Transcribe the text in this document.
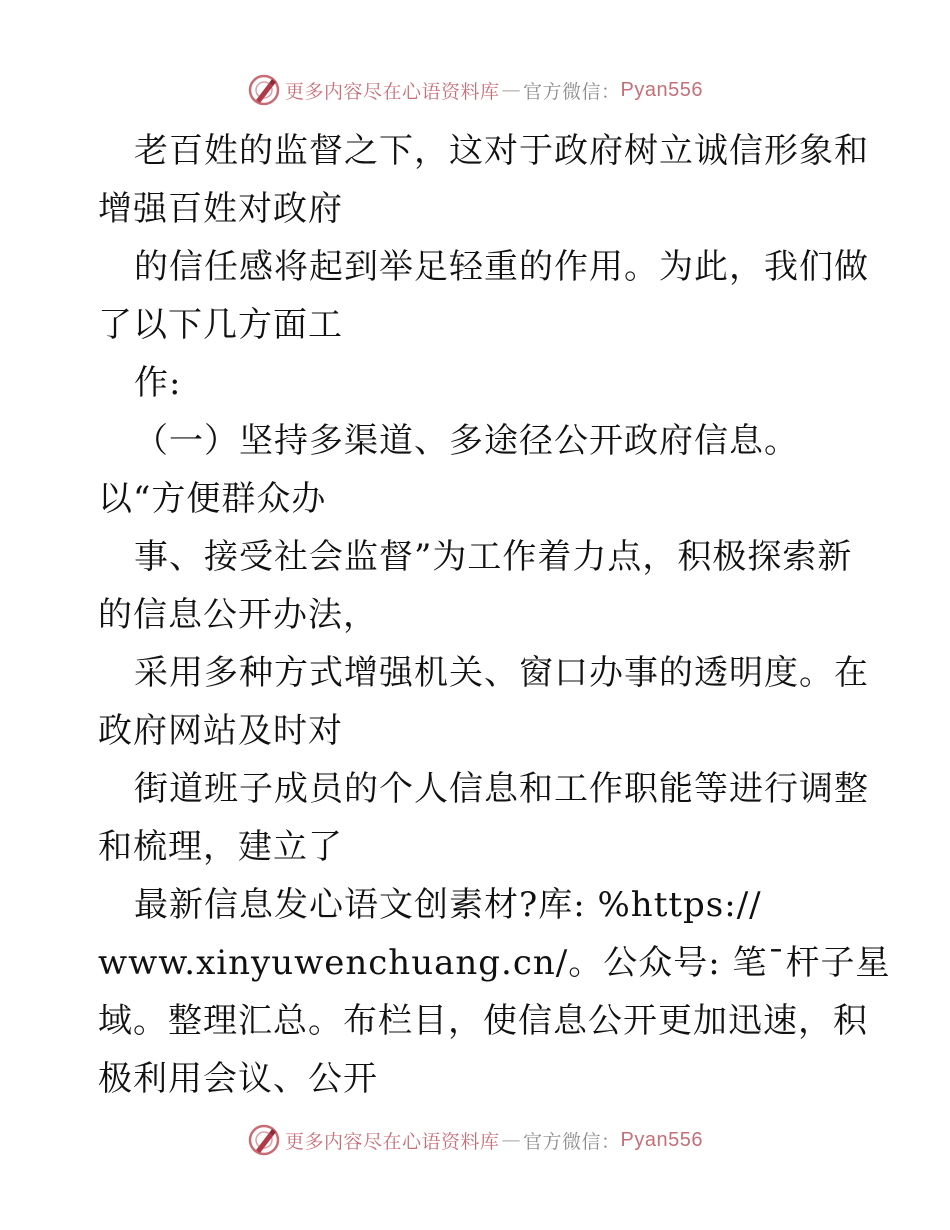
更多内容尽在心语资料库 — 官方微信： Pyan556
老百姓的监督之下，这对于政府树立诚信形象和
增强百姓对政府
的信任感将起到举足轻重的作用。为此，我们做
了以下几方面工
作:
（一）坚持多渠道、多途径公开政府信息。
以“方便群众办
事、接受社会监督”为工作着力点，积极探索新
的信息公开办法，
采用多种方式增强机关、窗口办事的透明度。在
政府网站及时对
街道班子成员的个人信息和工作职能等进行调整
和梳理，建立了
最新信息发心语文创素材?库: %https://
www.xinyuwenchuang.cn/。公众号: 笔¯杆子星
域。整理汇总。布栏目，使信息公开更加迅速，积
极利用会议、公开
更多内容尽在心语资料库 — 官方微信： Pyan556
